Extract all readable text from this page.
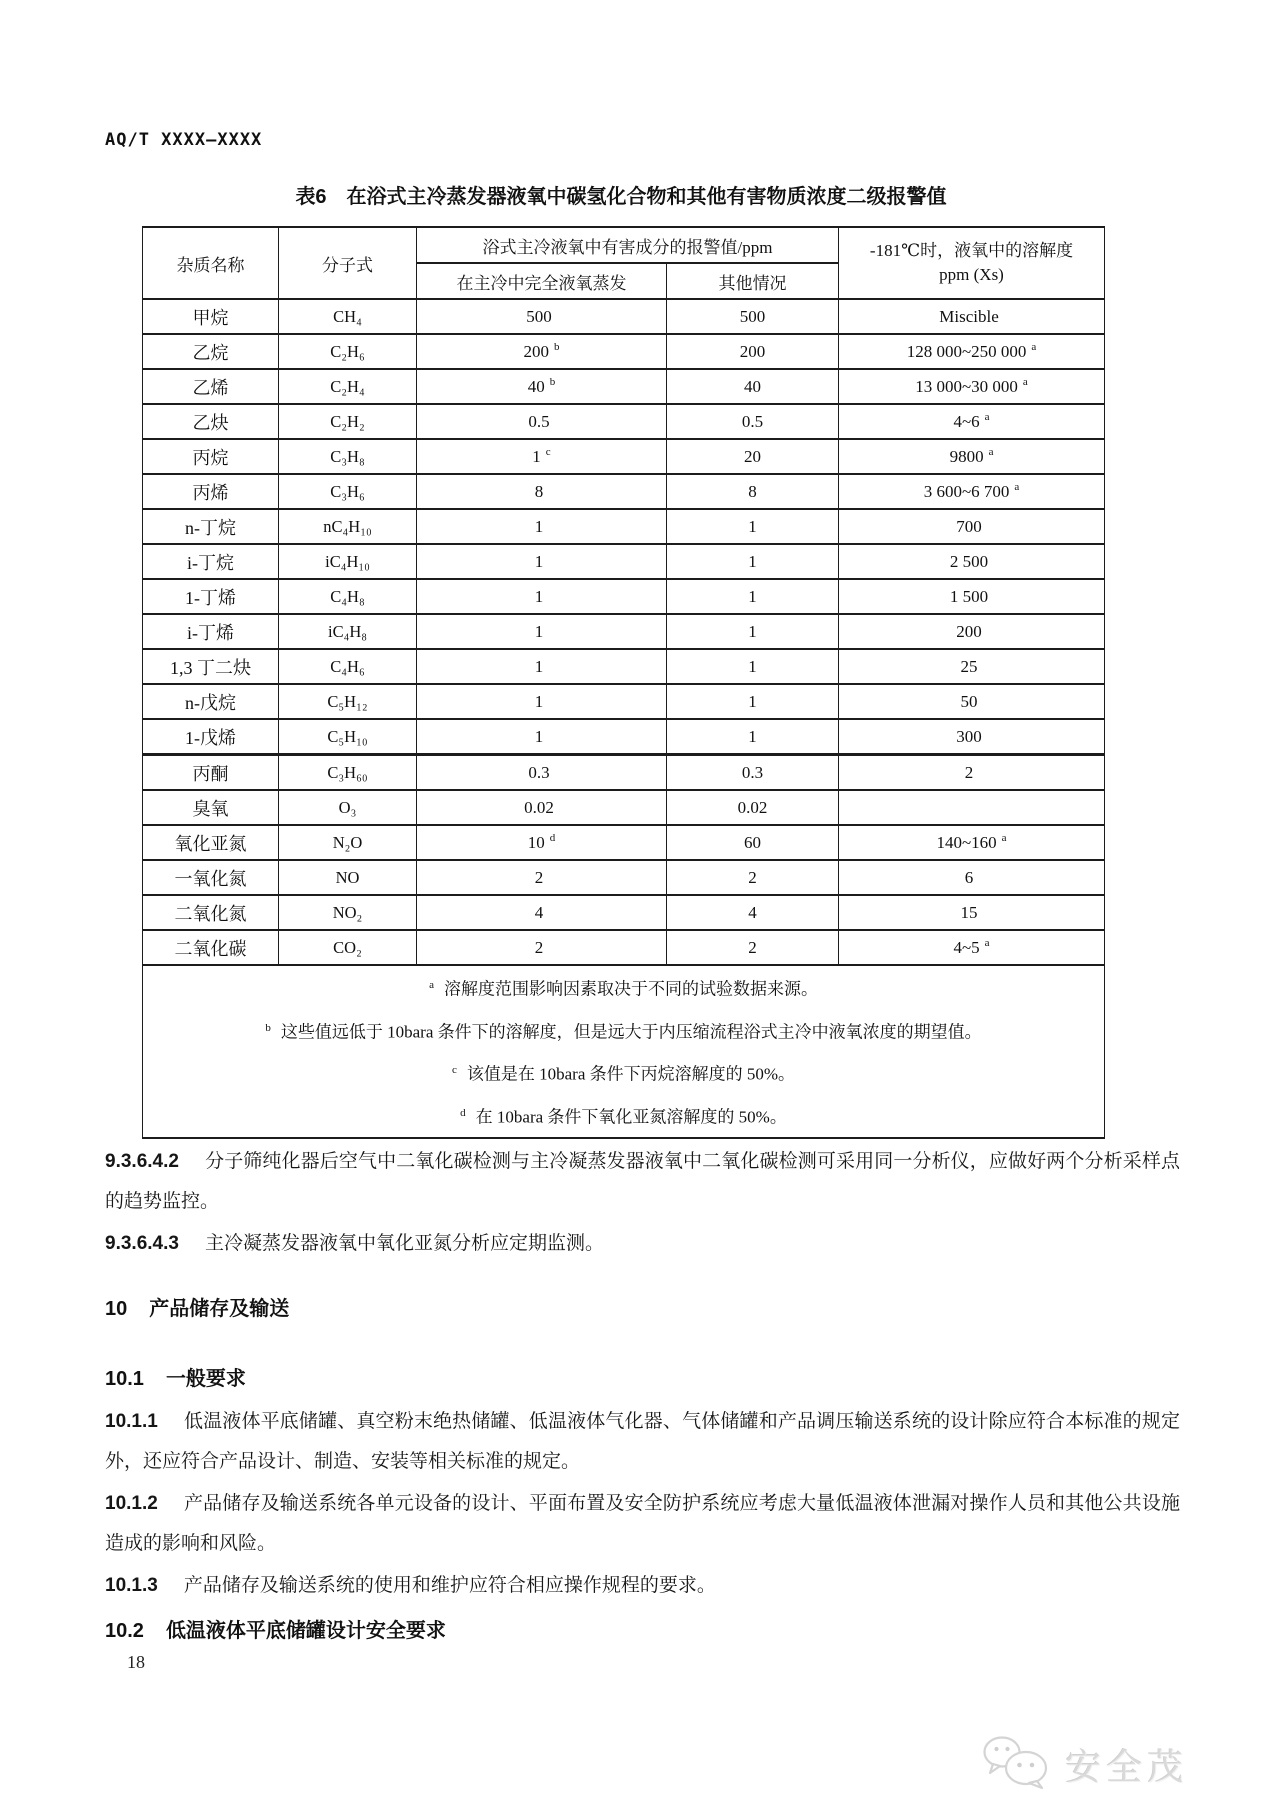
AQ/T XXXX—XXXX
表6　在浴式主冷蒸发器液氧中碳氢化合物和其他有害物质浓度二级报警值
杂质名称	分子式	浴式主冷液氧中有害成分的报警值/ppm		-181℃时，液氧中的溶解度
ppm (Xs)

		在主冷中完全液氧蒸发	其他情况	
甲烷	CH₄	500	500	Miscible
乙烷	C₂H₆	200 $^b$	200	128 000~250 000 $^a$
乙烯	C₂H₄	40 $^b$	40	13 000~30 000 $^a$
乙炔	C₂H₂	0.5	0.5	4~6 $^a$
丙烷	C₃H₈	1 $^c$	20	9800 $^a$
丙烯	C₃H₆	8	8	3 600~6 700 $^a$
n-丁烷	nC₄H₁₀	1	1	700
i-丁烷	iC₄H₁₀	1	1	2 500
1-丁烯	C₄H₈	1	1	1 500
i-丁烯	iC₄H₈	1	1	200
1,3 丁二炔	C₄H₆	1	1	25
n-戊烷	C₅H₁₂	1	1	50
1-戊烯	C₅H₁₀	1	1	300
丙酮	C₃H₆₀	0.3	0.3	2
臭氧	O₃	0.02	0.02	
氧化亚氮	N₂O	10 $^d$	60	140~160 $^a$
一氧化氮	NO	2	2	6
二氧化氮	NO₂	4	4	15
二氧化碳	CO₂	2	2	4~5 $^a$

$^a$ 溶解度范围影响因素取决于不同的试验数据来源。
$^b$ 这些值远低于 10bara 条件下的溶解度，但是远大于内压缩流程浴式主冷中液氧浓度的期望值。
$^c$ 该值是在 10bara 条件下丙烷溶解度的 50%。
$^d$ 在 10bara 条件下氧化亚氮溶解度的 50%。				
9.3.6.4.2 分子筛纯化器后空气中二氧化碳检测与主冷凝蒸发器液氧中二氧化碳检测可采用同一分析仪，应做好两个分析采样点的趋势监控。
9.3.6.4.3 主冷凝蒸发器液氧中氧化亚氮分析应定期监测。
10 产品储存及输送
10.1 一般要求
10.1.1 低温液体平底储罐、真空粉末绝热储罐、低温液体气化器、气体储罐和产品调压输送系统的设计除应符合本标准的规定外，还应符合产品设计、制造、安装等相关标准的规定。
10.1.2 产品储存及输送系统各单元设备的设计、平面布置及安全防护系统应考虑大量低温液体泄漏对操作人员和其他公共设施造成的影响和风险。
10.1.3 产品储存及输送系统的使用和维护应符合相应操作规程的要求。
10.2 低温液体平底储罐设计安全要求
18
安全茂
